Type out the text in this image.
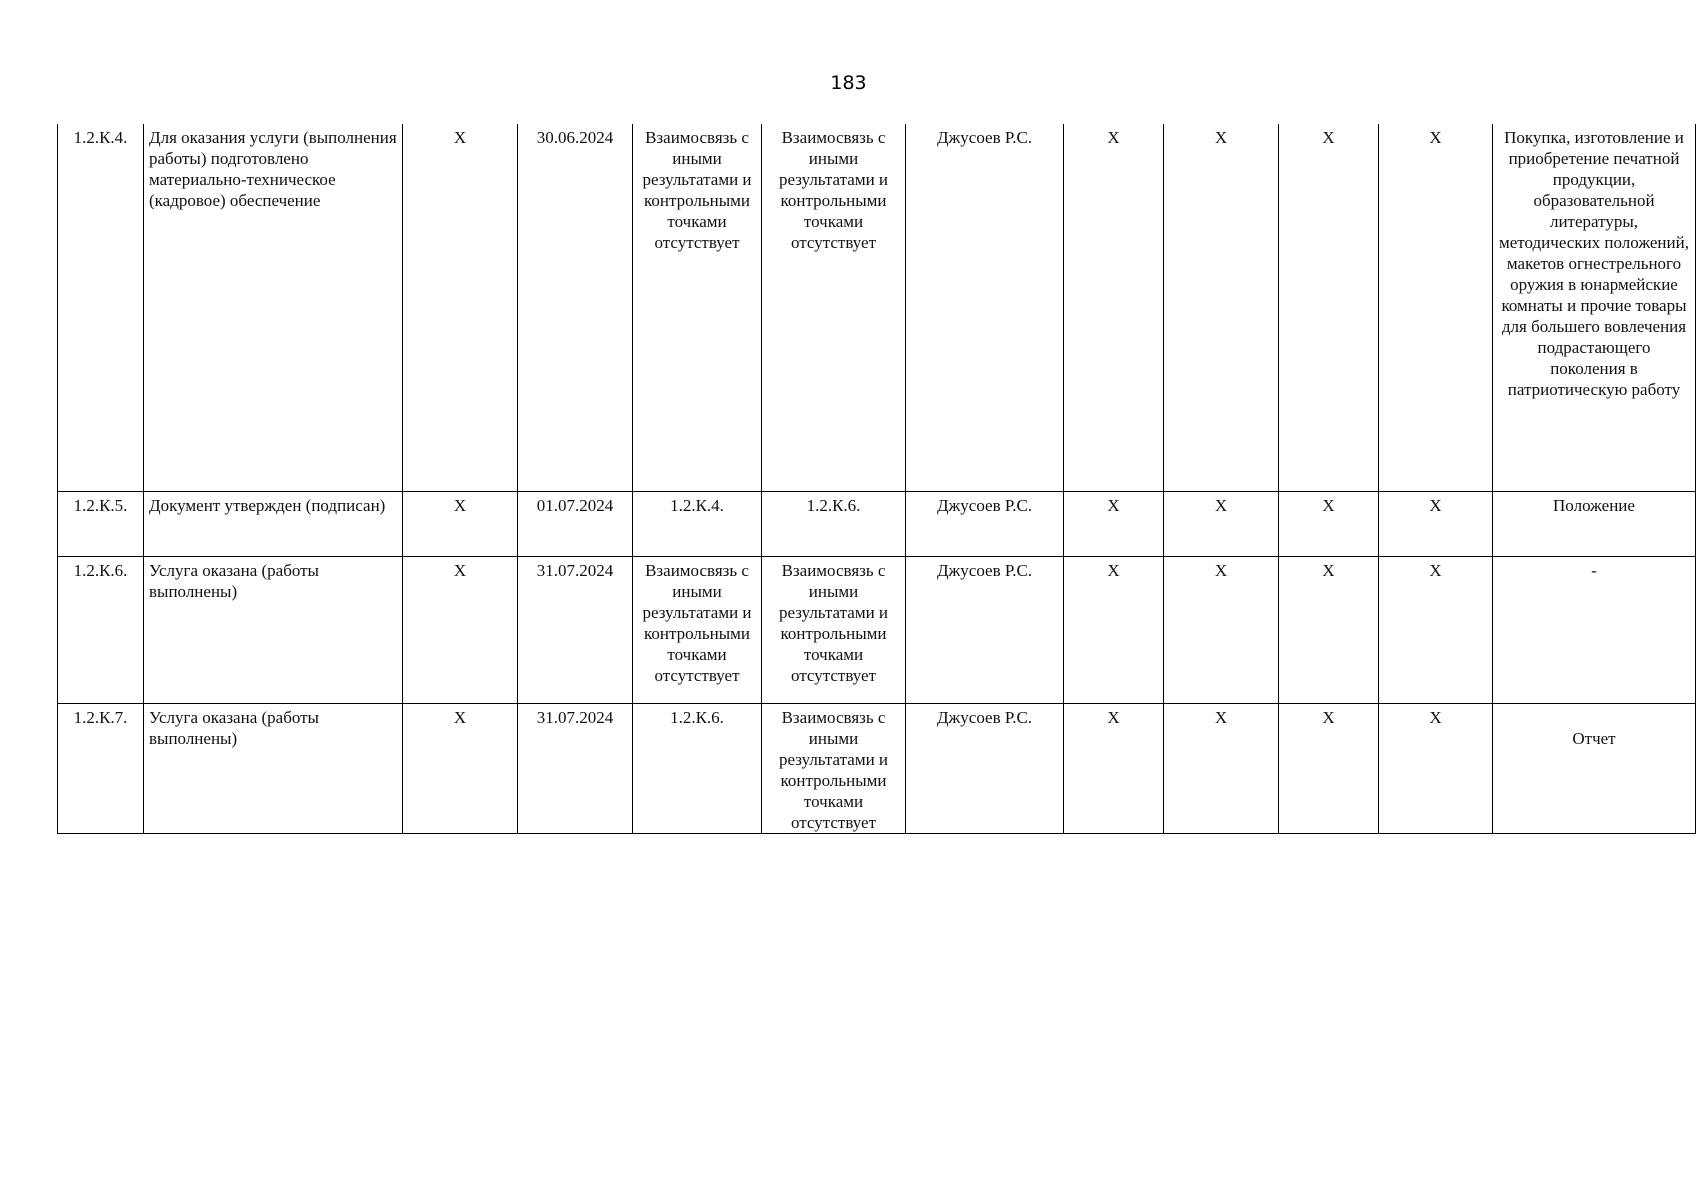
183
1.2.К.4.	Для оказания услуги (выполнения работы) подготовлено материально-техническое (кадровое) обеспечение	X	30.06.2024	Взаимосвязь с иными результатами и контрольными точками отсутствует	Взаимосвязь с иными результатами и контрольными точками отсутствует	Джусоев Р.С.	X	X	X	X	Покупка, изготовление и приобретение печатной продукции, образовательной литературы, методических положений, макетов огнестрельного оружия в юнармейские комнаты и прочие товары для большего вовлечения подрастающего поколения в патриотическую работу
1.2.К.5.	Документ утвержден (подписан)	X	01.07.2024	1.2.К.4.	1.2.К.6.	Джусоев Р.С.	X	X	X	X	Положение
1.2.К.6.	Услуга оказана (работы выполнены)	X	31.07.2024	Взаимосвязь с иными результатами и контрольными точками отсутствует	Взаимосвязь с иными результатами и контрольными точками отсутствует	Джусоев Р.С.	X	X	X	X	-
1.2.К.7.	Услуга оказана (работы выполнены)	X	31.07.2024	1.2.К.6.	Взаимосвязь с иными результатами и контрольными точками отсутствует	Джусоев Р.С.	X	X	X	X	Отчет
